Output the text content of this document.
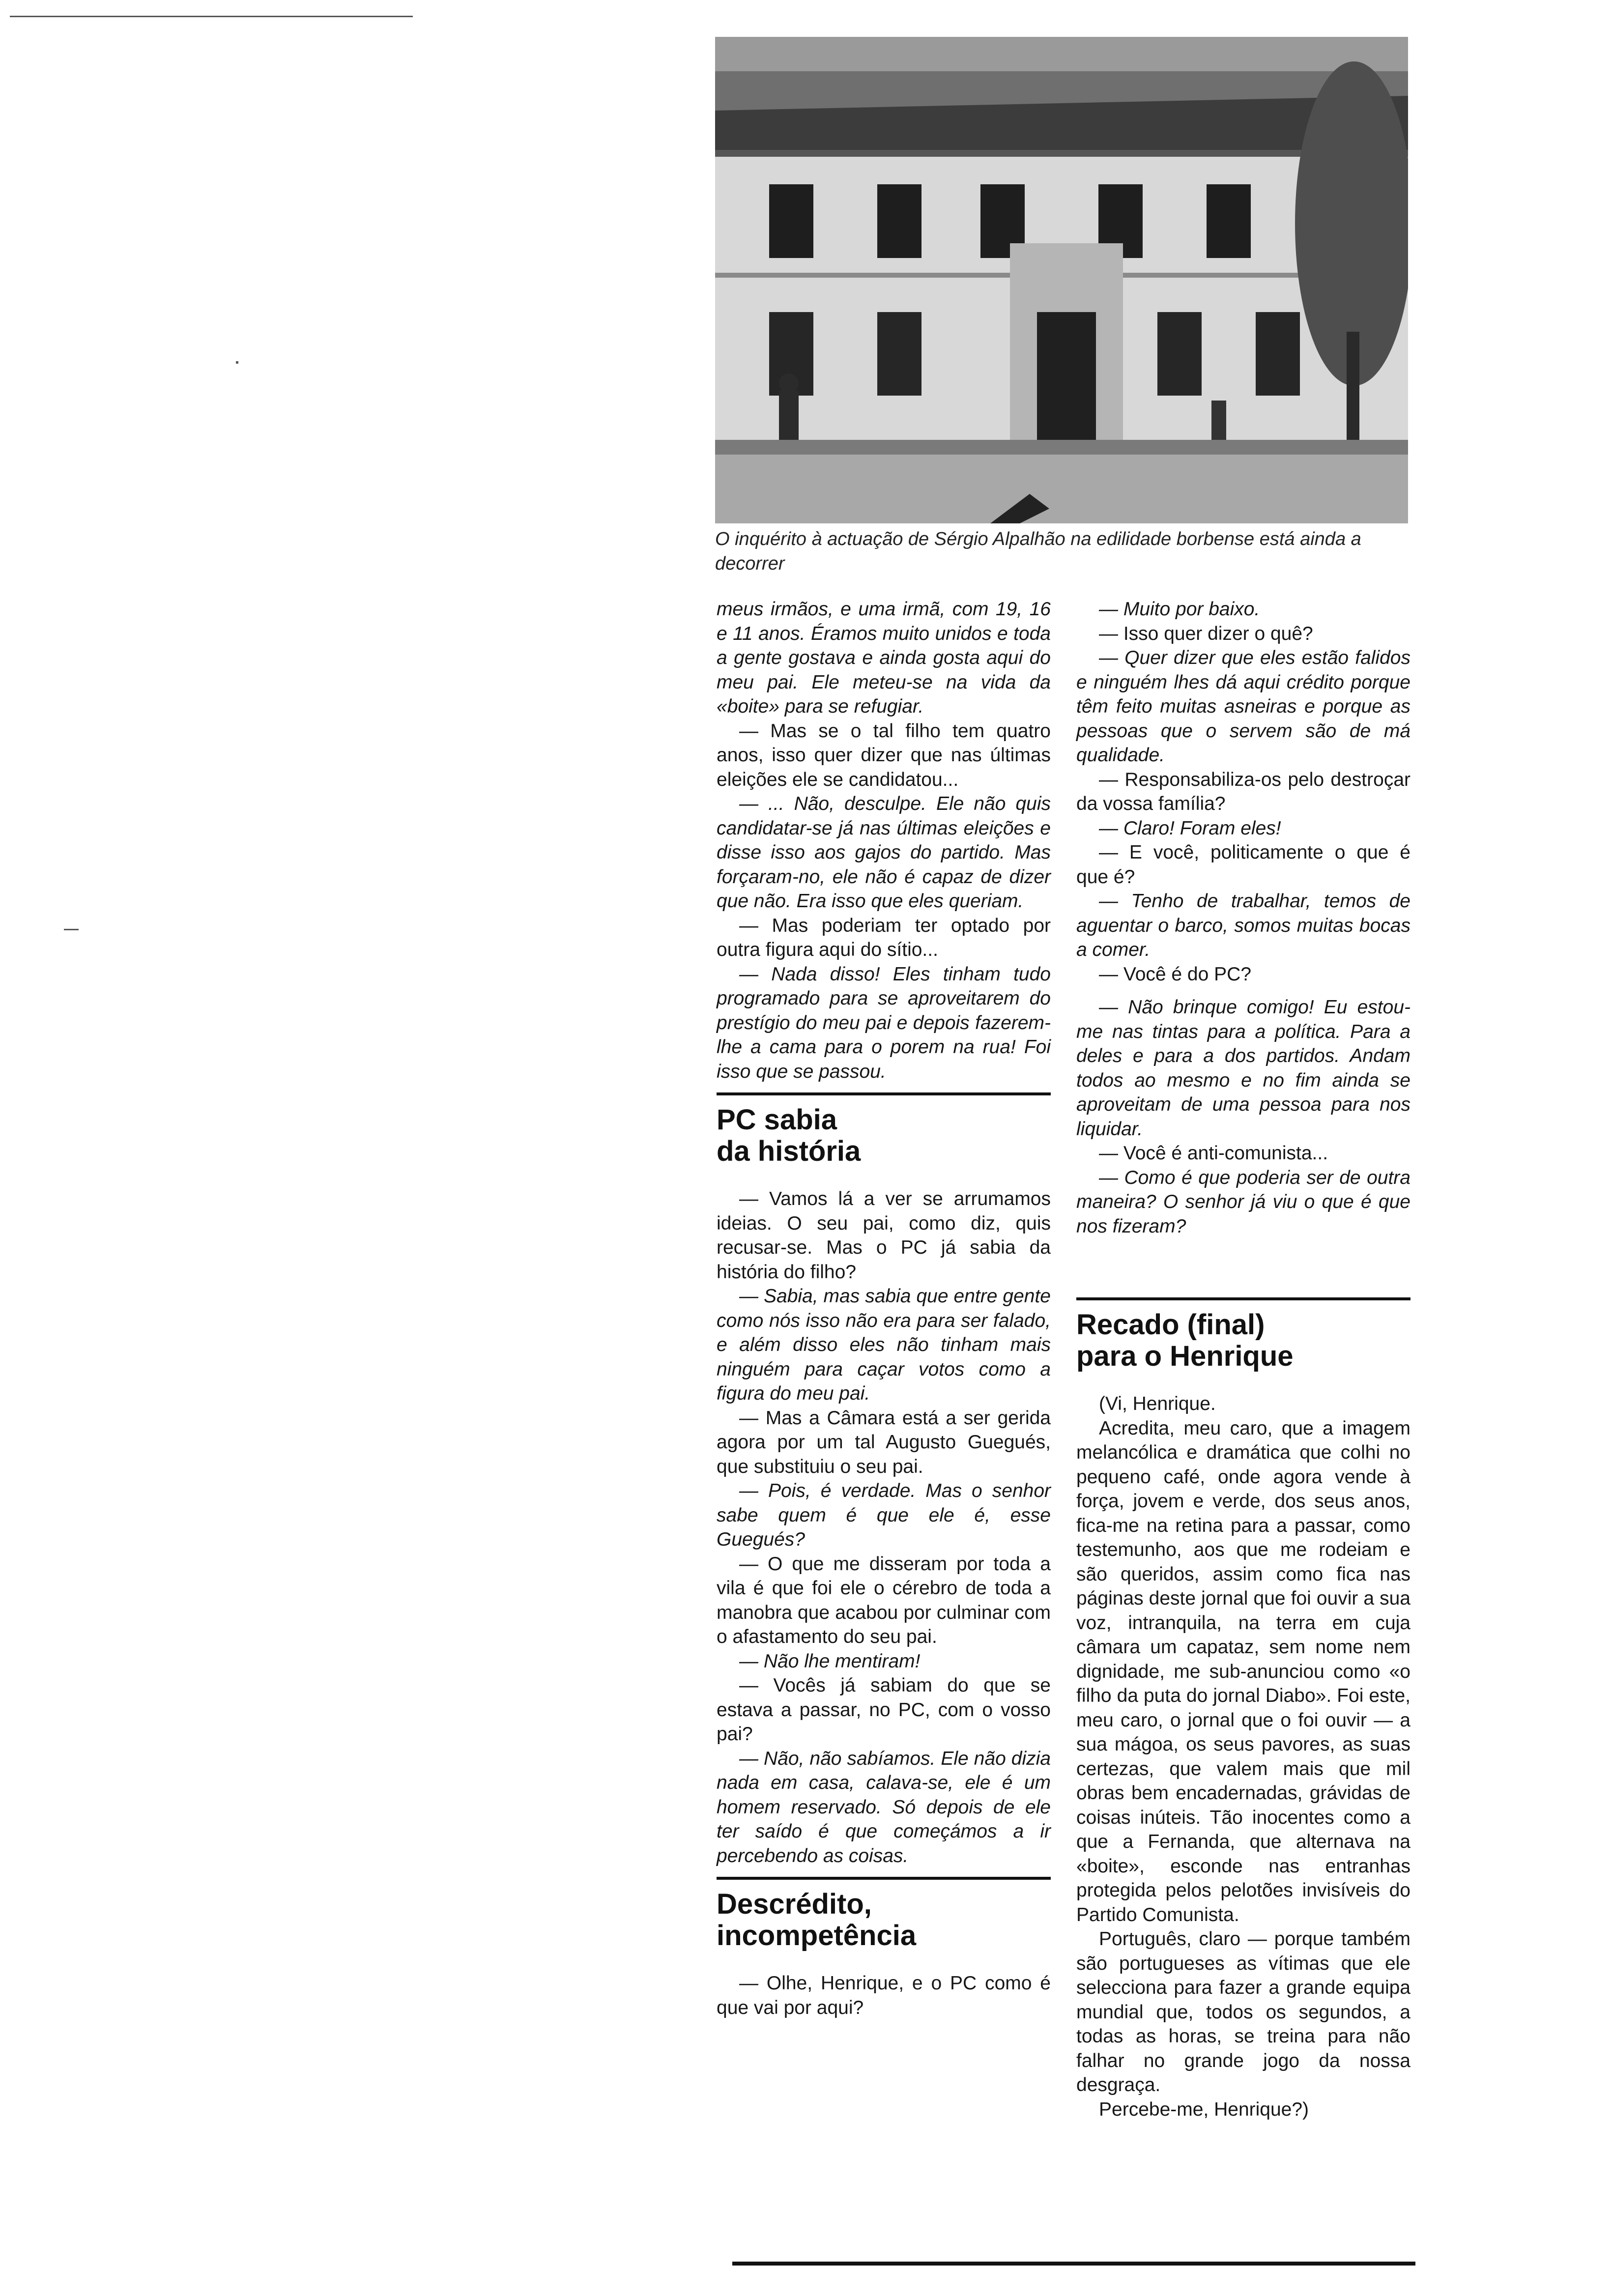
O inquérito à actuação de Sérgio Alpalhão na edilidade borbense está ainda a decorrer

meus irmãos, e uma irmã, com 19, 16 e 11 anos. Éramos muito unidos e toda a gente gostava e ainda gosta aqui do meu pai. Ele meteu-se na vida da «boite» para se refugiar.

— Mas se o tal filho tem quatro anos, isso quer dizer que nas últimas eleições ele se candidatou...

— ... Não, desculpe. Ele não quis candidatar-se já nas últimas eleições e disse isso aos gajos do partido. Mas forçaram-no, ele não é capaz de dizer que não. Era isso que eles queriam.

— Mas poderiam ter optado por outra figura aqui do sítio...

— Nada disso! Eles tinham tudo programado para se aproveitarem do prestígio do meu pai e depois fazerem-lhe a cama para o porem na rua! Foi isso que se passou.

PC sabia
da história

— Vamos lá a ver se arrumamos ideias. O seu pai, como diz, quis recusar-se. Mas o PC já sabia da história do filho?

— Sabia, mas sabia que entre gente como nós isso não era para ser falado, e além disso eles não tinham mais ninguém para caçar votos como a figura do meu pai.

— Mas a Câmara está a ser gerida agora por um tal Augusto Guegués, que substituiu o seu pai.

— Pois, é verdade. Mas o senhor sabe quem é que ele é, esse Guegués?

— O que me disseram por toda a vila é que foi ele o cérebro de toda a manobra que acabou por culminar com o afastamento do seu pai.

— Não lhe mentiram!

— Vocês já sabiam do que se estava a passar, no PC, com o vosso pai?

— Não, não sabíamos. Ele não dizia nada em casa, calava-se, ele é um homem reservado. Só depois de ele ter saído é que começámos a ir percebendo as coisas.

Descrédito,
incompetência

— Olhe, Henrique, e o PC como é que vai por aqui?

— Muito por baixo.

— Isso quer dizer o quê?

— Quer dizer que eles estão falidos e ninguém lhes dá aqui crédito porque têm feito muitas asneiras e porque as pessoas que o servem são de má qualidade.

— Responsabiliza-os pelo destroçar da vossa família?

— Claro! Foram eles!

— E você, politicamente o que é que é?

— Tenho de trabalhar, temos de aguentar o barco, somos muitas bocas a comer.

— Você é do PC?

— Não brinque comigo! Eu estou-me nas tintas para a política. Para a deles e para a dos partidos. Andam todos ao mesmo e no fim ainda se aproveitam de uma pessoa para nos liquidar.

— Você é anti-comunista...

— Como é que poderia ser de outra maneira? O senhor já viu o que é que nos fizeram?

Recado (final)
para o Henrique

(Vi, Henrique.

Acredita, meu caro, que a imagem melancólica e dramática que colhi no pequeno café, onde agora vende à força, jovem e verde, dos seus anos, fica-me na retina para a passar, como testemunho, aos que me rodeiam e são queridos, assim como fica nas páginas deste jornal que foi ouvir a sua voz, intranquila, na terra em cuja câmara um capataz, sem nome nem dignidade, me sub-anunciou como «o filho da puta do jornal Diabo». Foi este, meu caro, o jornal que o foi ouvir — a sua mágoa, os seus pavores, as suas certezas, que valem mais que mil obras bem encadernadas, grávidas de coisas inúteis. Tão inocentes como a que a Fernanda, que alternava na «boite», esconde nas entranhas protegida pelos pelotões invisíveis do Partido Comunista.

Português, claro — porque também são portugueses as vítimas que ele selecciona para fazer a grande equipa mundial que, todos os segundos, a todas as horas, se treina para não falhar no grande jogo da nossa desgraça.

Percebe-me, Henrique?)
